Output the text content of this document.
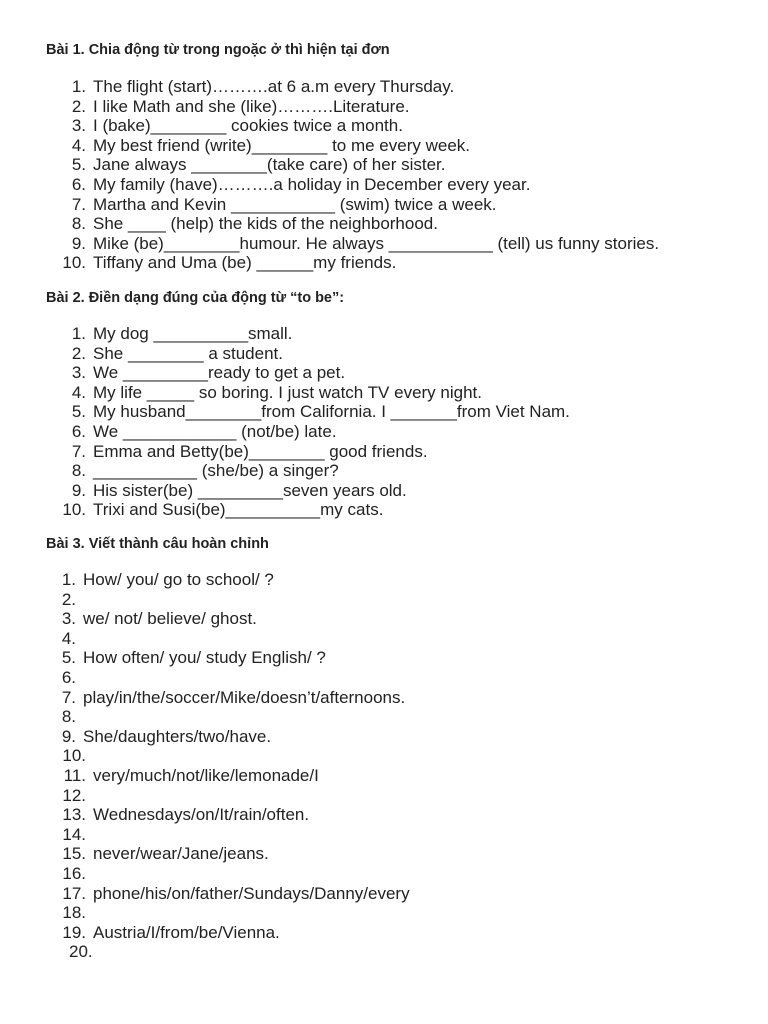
Bài 1. Chia động từ trong ngoặc ở thì hiện tại đơn
1. The flight (start)……….at 6 a.m every Thursday.
2. I like Math and she (like)……….Literature.
3. I (bake)________ cookies twice a month.
4. My best friend (write)________ to me every week.
5. Jane always ________(take care) of her sister.
6. My family (have)……….a holiday in December every year.
7. Martha and Kevin ___________ (swim) twice a week.
8. She ____ (help) the kids of the neighborhood.
9. Mike (be)________humour. He always ___________ (tell) us funny stories.
10. Tiffany and Uma (be) ______my friends.
Bài 2. Điền dạng đúng của động từ “to be”:
1. My dog __________small.
2. She ________ a student.
3. We _________ready to get a pet.
4. My life _____ so boring. I just watch TV every night.
5. My husband________from California. I _______from Viet Nam.
6. We ____________ (not/be) late.
7. Emma and Betty(be)________ good friends.
8. ___________ (she/be) a singer?
9. His sister(be) _________seven years old.
10. Trixi and Susi(be)__________my cats.
Bài 3. Viết thành câu hoàn chỉnh
1. How/ you/ go to school/ ?
2.
3. we/ not/ believe/ ghost.
4.
5. How often/ you/ study English/ ?
6.
7. play/in/the/soccer/Mike/doesn’t/afternoons.
8.
9. She/daughters/two/have.
10.
11. very/much/not/like/lemonade/I
12.
13. Wednesdays/on/It/rain/often.
14.
15. never/wear/Jane/jeans.
16.
17. phone/his/on/father/Sundays/Danny/every
18.
19. Austria/I/from/be/Vienna.
20.
